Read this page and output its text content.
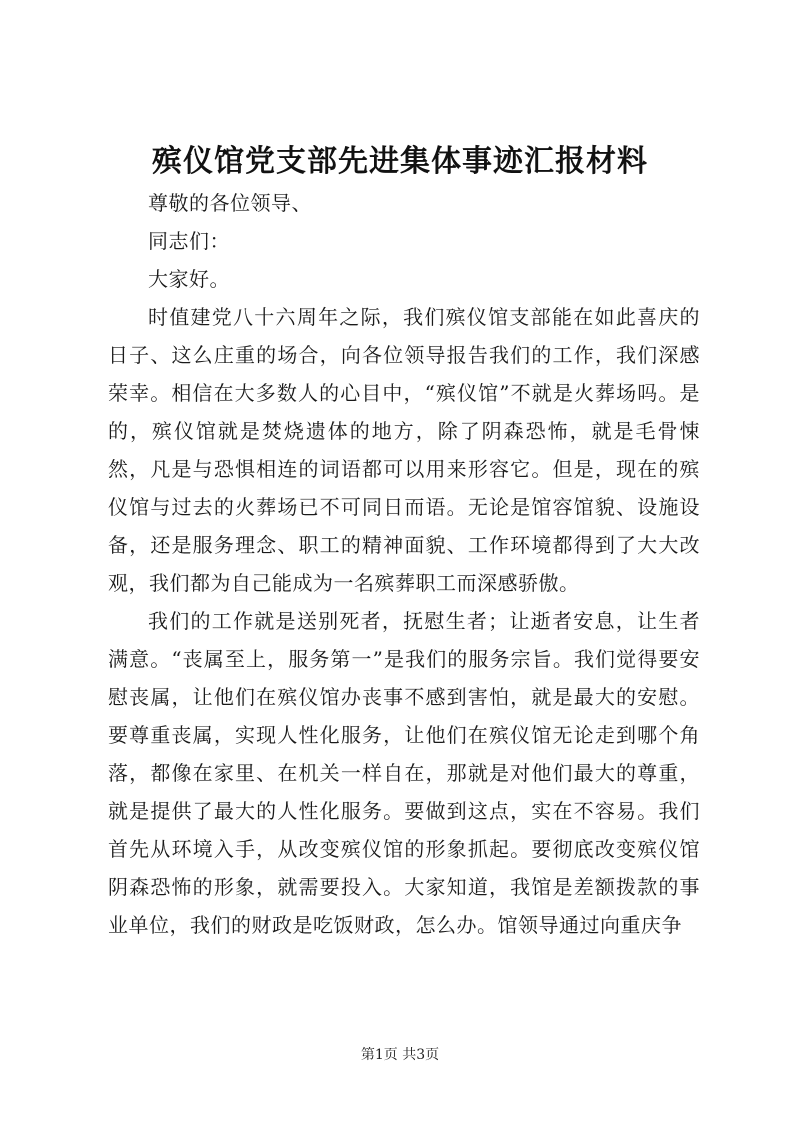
殡仪馆党支部先进集体事迹汇报材料

尊敬的各位领导、

同志们：

大家好。

时值建党八十六周年之际，我们殡仪馆支部能在如此喜庆的日子、这么庄重的场合，向各位领导报告我们的工作，我们深感荣幸。相信在大多数人的心目中，“殡仪馆”不就是火葬场吗。是的，殡仪馆就是焚烧遗体的地方，除了阴森恐怖，就是毛骨悚然，凡是与恐惧相连的词语都可以用来形容它。但是，现在的殡仪馆与过去的火葬场已不可同日而语。无论是馆容馆貌、设施设备，还是服务理念、职工的精神面貌、工作环境都得到了大大改观，我们都为自己能成为一名殡葬职工而深感骄傲。

我们的工作就是送别死者，抚慰生者；让逝者安息，让生者满意。“丧属至上，服务第一”是我们的服务宗旨。我们觉得要安慰丧属，让他们在殡仪馆办丧事不感到害怕，就是最大的安慰。要尊重丧属，实现人性化服务，让他们在殡仪馆无论走到哪个角落，都像在家里、在机关一样自在，那就是对他们最大的尊重，就是提供了最大的人性化服务。要做到这点，实在不容易。我们首先从环境入手，从改变殡仪馆的形象抓起。要彻底改变殡仪馆阴森恐怖的形象，就需要投入。大家知道，我馆是差额拨款的事业单位，我们的财政是吃饭财政，怎么办。馆领导通过向重庆争

第1页 共3页
